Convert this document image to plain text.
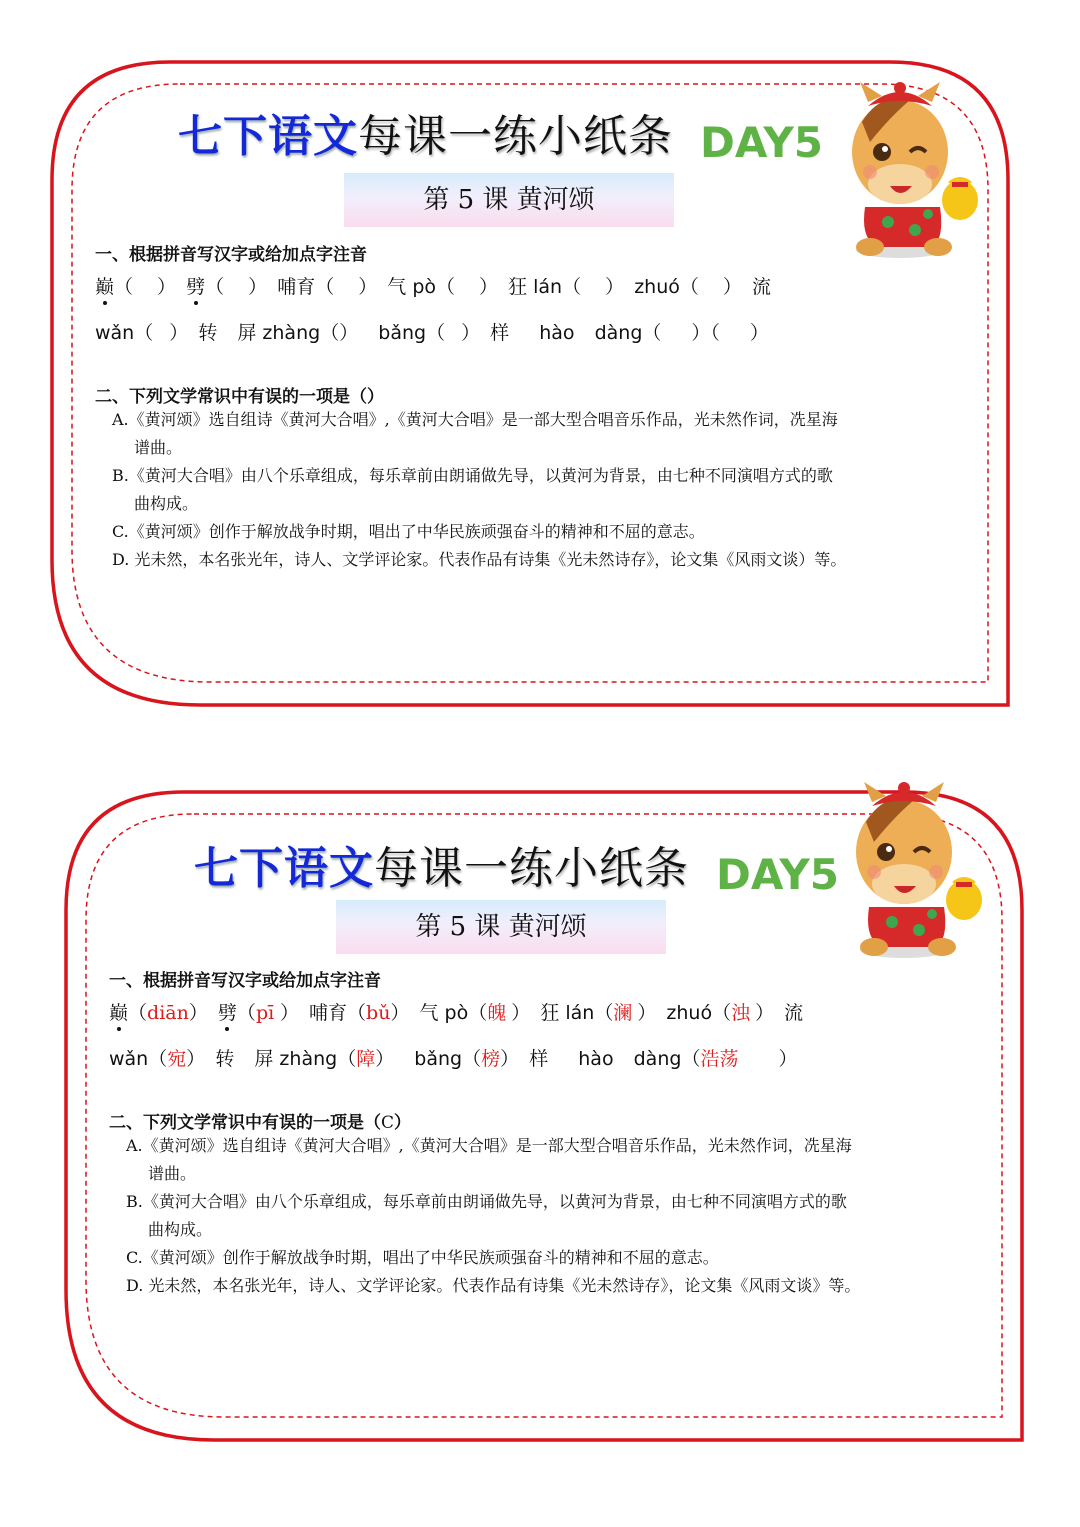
七下语文每课一练小纸条 DAY5
第 5 课 黄河颂
一、根据拼音写汉字或给加点字注音
巅（ ） 劈（ ） 哺育（ ） 气 pò（ ） 狂 lán（ ） zhuó（ ） 流
wǎn（ ） 转 屏 zhàng（） bǎng（ ） 样 hào dàng（ ）（ ）
二、下列文学常识中有误的一项是（）

A.《黄河颂》选自组诗《黄河大合唱》,《黄河大合唱》是一部大型合唱音乐作品，光未然作词，冼星海

谱曲。

B.《黄河大合唱》由八个乐章组成，每乐章前由朗诵做先导，以黄河为背景，由七种不同演唱方式的歌

曲构成。

C.《黄河颂》创作于解放战争时期，唱出了中华民族顽强奋斗的精神和不屈的意志。

D. 光未然，本名张光年，诗人、文学评论家。代表作品有诗集《光未然诗存》，论文集《风雨文谈）等。

七下语文每课一练小纸条 DAY5
第 5 课 黄河颂
一、根据拼音写汉字或给加点字注音
巅（diān） 劈（pī ） 哺育（bǔ） 气 pò（魄 ） 狂 lán（澜 ） zhuó（浊 ） 流
wǎn（宛） 转 屏 zhàng（障） bǎng（榜） 样 hào dàng（浩荡 ）
二、下列文学常识中有误的一项是（C）

A.《黄河颂》选自组诗《黄河大合唱》,《黄河大合唱》是一部大型合唱音乐作品，光未然作词，冼星海

谱曲。

B.《黄河大合唱》由八个乐章组成，每乐章前由朗诵做先导，以黄河为背景，由七种不同演唱方式的歌

曲构成。

C.《黄河颂》创作于解放战争时期，唱出了中华民族顽强奋斗的精神和不屈的意志。

D. 光未然，本名张光年，诗人、文学评论家。代表作品有诗集《光未然诗存》，论文集《风雨文谈》等。
